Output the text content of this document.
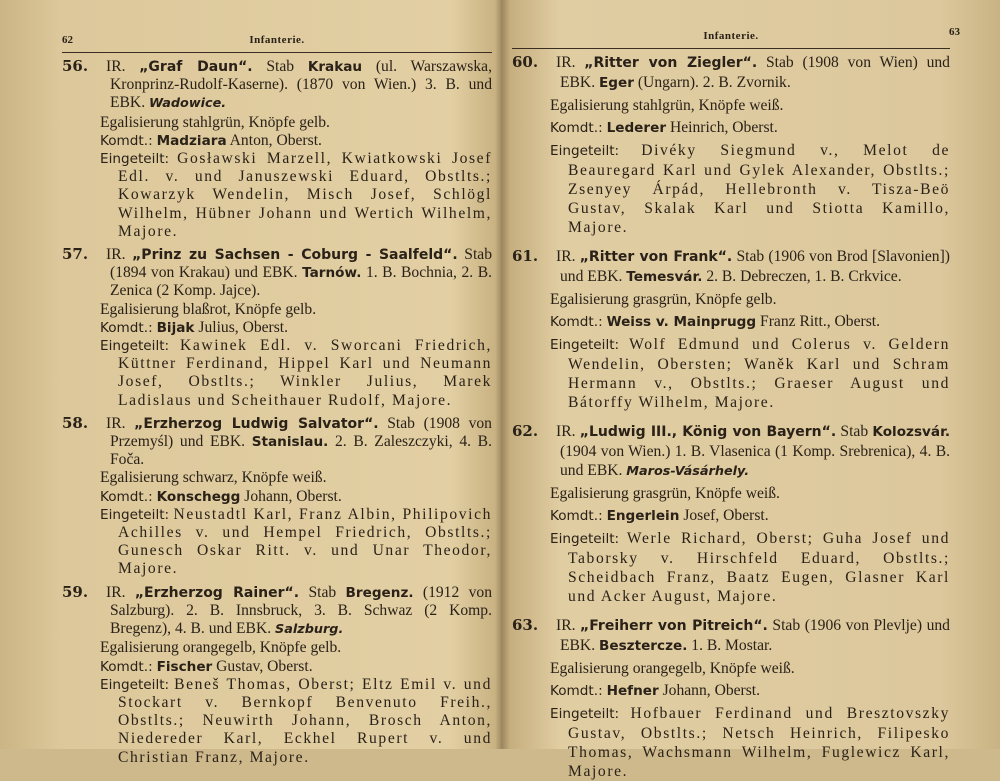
62	Infanterie.

56. IR. „Graf Daun“. Stab Krakau (ul. Warszawska, Kronprinz-Rudolf-Kaserne). (1870 von Wien.) 3. B. und EBK. Wadowice.

Egalisierung stahlgrün, Knöpfe gelb.

Komdt.: Madziara Anton, Oberst.

Eingeteilt: Gosławski Marzell, Kwiatkowski Josef Edl. v. und Januszewski Eduard, Obstlts.; Kowarzyk Wendelin, Misch Josef, Schlögl Wilhelm, Hübner Johann und Wertich Wilhelm, Majore.

57. IR. „Prinz zu Sachsen - Coburg - Saalfeld“. Stab (1894 von Krakau) und EBK. Tarnów. 1. B. Bochnia, 2. B. Zenica (2 Komp. Jajce).

Egalisierung blaßrot, Knöpfe gelb.

Komdt.: Bijak Julius, Oberst.

Eingeteilt: Kawinek Edl. v. Sworcani Friedrich, Küttner Ferdinand, Hippel Karl und Neumann Josef, Obstlts.; Winkler Julius, Marek Ladislaus und Scheithauer Rudolf, Majore.

58. IR. „Erzherzog Ludwig Salvator“. Stab (1908 von Przemyśl) und EBK. Stanislau. 2. B. Zaleszczyki, 4. B. Foča.

Egalisierung schwarz, Knöpfe weiß.

Komdt.: Konschegg Johann, Oberst.

Eingeteilt: Neustadtl Karl, Franz Albin, Philipovich Achilles v. und Hempel Friedrich, Obstlts.; Gunesch Oskar Ritt. v. und Unar Theodor, Majore.

59. IR. „Erzherzog Rainer“. Stab Bregenz. (1912 von Salzburg). 2. B. Innsbruck, 3. B. Schwaz (2 Komp. Bregenz), 4. B. und EBK. Salzburg.

Egalisierung orangegelb, Knöpfe gelb.

Komdt.: Fischer Gustav, Oberst.

Eingeteilt: Beneš Thomas, Oberst; Eltz Emil v. und Stockart v. Bernkopf Benvenuto Freih., Obstlts.; Neuwirth Johann, Brosch Anton, Niedereder Karl, Eckhel Rupert v. und Christian Franz, Majore.

63
Infanterie.

60. IR. „Ritter von Ziegler“. Stab (1908 von Wien) und EBK. Eger (Ungarn). 2. B. Zvornik.

Egalisierung stahlgrün, Knöpfe weiß.

Komdt.: Lederer Heinrich, Oberst.

Eingeteilt: Divéky Siegmund v., Melot de Beauregard Karl und Gylek Alexander, Obstlts.; Zsenyey Árpád, Hellebronth v. Tisza-Beö Gustav, Skalak Karl und Stiotta Kamillo, Majore.

61. IR. „Ritter von Frank“. Stab (1906 von Brod [Slavonien]) und EBK. Temesvár. 2. B. Debreczen, 1. B. Crkvice.

Egalisierung grasgrün, Knöpfe gelb.

Komdt.: Weiss v. Mainprugg Franz Ritt., Oberst.

Eingeteilt: Wolf Edmund und Colerus v. Geldern Wendelin, Obersten; Waněk Karl und Schram Hermann v., Obstlts.; Graeser August und Bátorffy Wilhelm, Majore.

62. IR. „Ludwig III., König von Bayern“. Stab Kolozsvár. (1904 von Wien.) 1. B. Vlasenica (1 Komp. Srebrenica), 4. B. und EBK. Maros-Vásárhely.

Egalisierung grasgrün, Knöpfe weiß.

Komdt.: Engerlein Josef, Oberst.

Eingeteilt: Werle Richard, Oberst; Guha Josef und Taborsky v. Hirschfeld Eduard, Obstlts.; Scheidbach Franz, Baatz Eugen, Glasner Karl und Acker August, Majore.

63. IR. „Freiherr von Pitreich“. Stab (1906 von Plevlje) und EBK. Besztercze. 1. B. Mostar.

Egalisierung orangegelb, Knöpfe weiß.

Komdt.: Hefner Johann, Oberst.

Eingeteilt: Hofbauer Ferdinand und Bresztovszky Gustav, Obstlts.; Netsch Heinrich, Filipesko Thomas, Wachsmann Wilhelm, Fuglewicz Karl, Majore.
